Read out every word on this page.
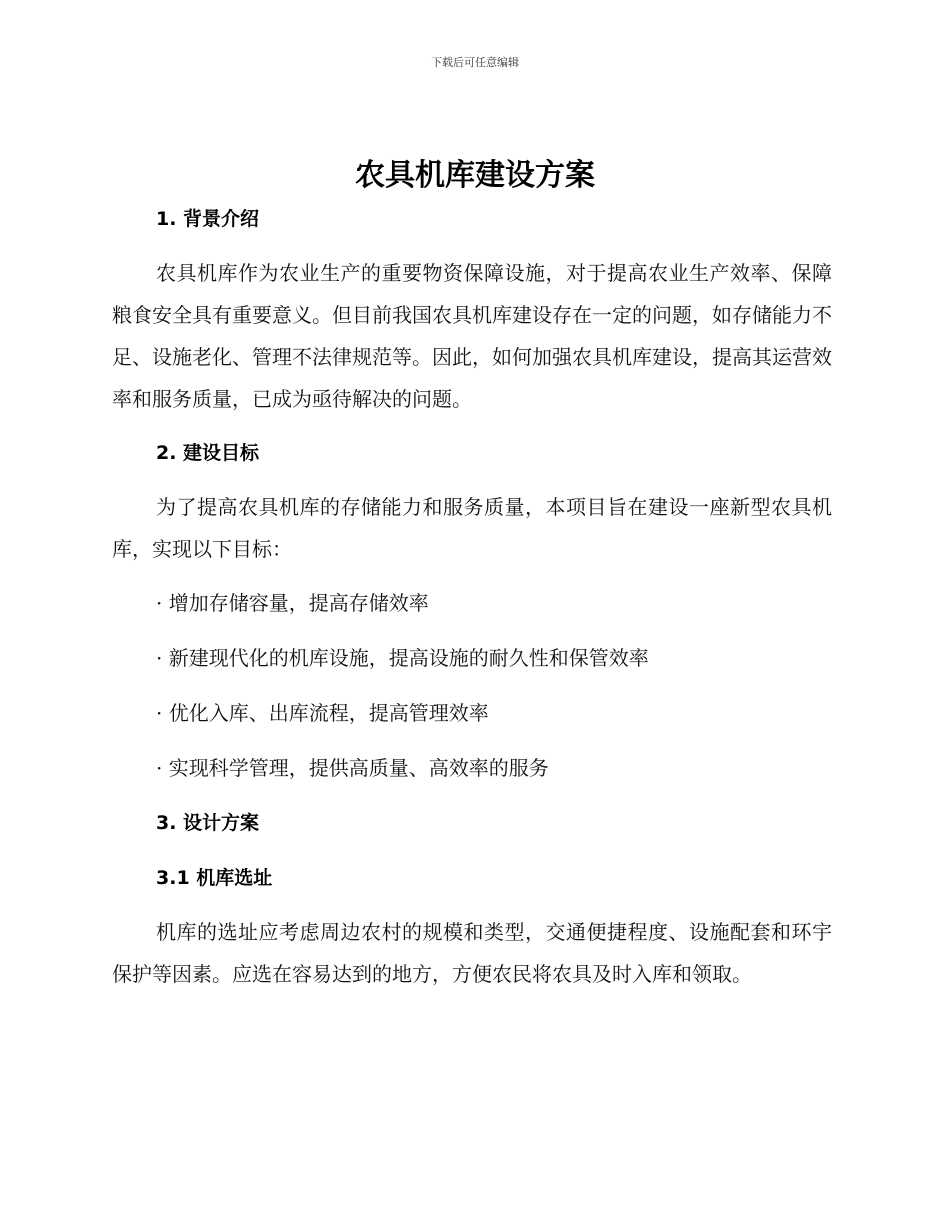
下载后可任意编辑
农具机库建设方案
1. 背景介绍

农具机库作为农业生产的重要物资保障设施，对于提高农业生产效率、保障粮食安全具有重要意义。但目前我国农具机库建设存在一定的问题，如存储能力不足、设施老化、管理不法律规范等。因此，如何加强农具机库建设，提高其运营效率和服务质量，已成为亟待解决的问题。

2. 建设目标

为了提高农具机库的存储能力和服务质量，本项目旨在建设一座新型农具机库，实现以下目标：

· 增加存储容量，提高存储效率
· 新建现代化的机库设施，提高设施的耐久性和保管效率
· 优化入库、出库流程，提高管理效率
· 实现科学管理，提供高质量、高效率的服务
3. 设计方案
3.1 机库选址

机库的选址应考虑周边农村的规模和类型，交通便捷程度、设施配套和环宇保护等因素。应选在容易达到的地方，方便农民将农具及时入库和领取。
